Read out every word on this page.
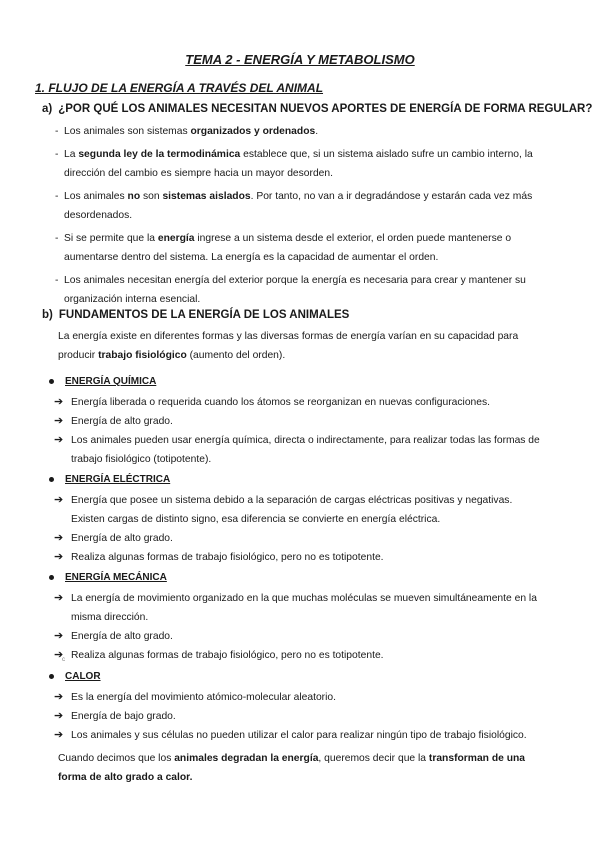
TEMA 2 - ENERGÍA Y METABOLISMO
1. FLUJO DE LA ENERGÍA A TRAVÉS DEL ANIMAL
a) ¿POR QUÉ LOS ANIMALES NECESITAN NUEVOS APORTES DE ENERGÍA DE FORMA REGULAR?
- Los animales son sistemas organizados y ordenados.
- La segunda ley de la termodinámica establece que, si un sistema aislado sufre un cambio interno, la dirección del cambio es siempre hacia un mayor desorden.
- Los animales no son sistemas aislados. Por tanto, no van a ir degradándose y estarán cada vez más desordenados.
- Si se permite que la energía ingrese a un sistema desde el exterior, el orden puede mantenerse o aumentarse dentro del sistema. La energía es la capacidad de aumentar el orden.
- Los animales necesitan energía del exterior porque la energía es necesaria para crear y mantener su organización interna esencial.
b) FUNDAMENTOS DE LA ENERGÍA DE LOS ANIMALES
La energía existe en diferentes formas y las diversas formas de energía varían en su capacidad para producir trabajo fisiológico (aumento del orden).
ENERGÍA QUÍMICA
➔ Energía liberada o requerida cuando los átomos se reorganizan en nuevas configuraciones.
➔ Energía de alto grado.
➔ Los animales pueden usar energía química, directa o indirectamente, para realizar todas las formas de trabajo fisiológico (totipotente).
ENERGÍA ELÉCTRICA
➔ Energía que posee un sistema debido a la separación de cargas eléctricas positivas y negativas. Existen cargas de distinto signo, esa diferencia se convierte en energía eléctrica.
➔ Energía de alto grado.
➔ Realiza algunas formas de trabajo fisiológico, pero no es totipotente.
ENERGÍA MECÁNICA
➔ La energía de movimiento organizado en la que muchas moléculas se mueven simultáneamente en la misma dirección.
➔ Energía de alto grado.
➔ Realiza algunas formas de trabajo fisiológico, pero no es totipotente.
c
CALOR
➔ Es la energía del movimiento atómico-molecular aleatorio.
➔ Energía de bajo grado.
➔ Los animales y sus células no pueden utilizar el calor para realizar ningún tipo de trabajo fisiológico.
Cuando decimos que los animales degradan la energía, queremos decir que la transforman de una forma de alto grado a calor.
